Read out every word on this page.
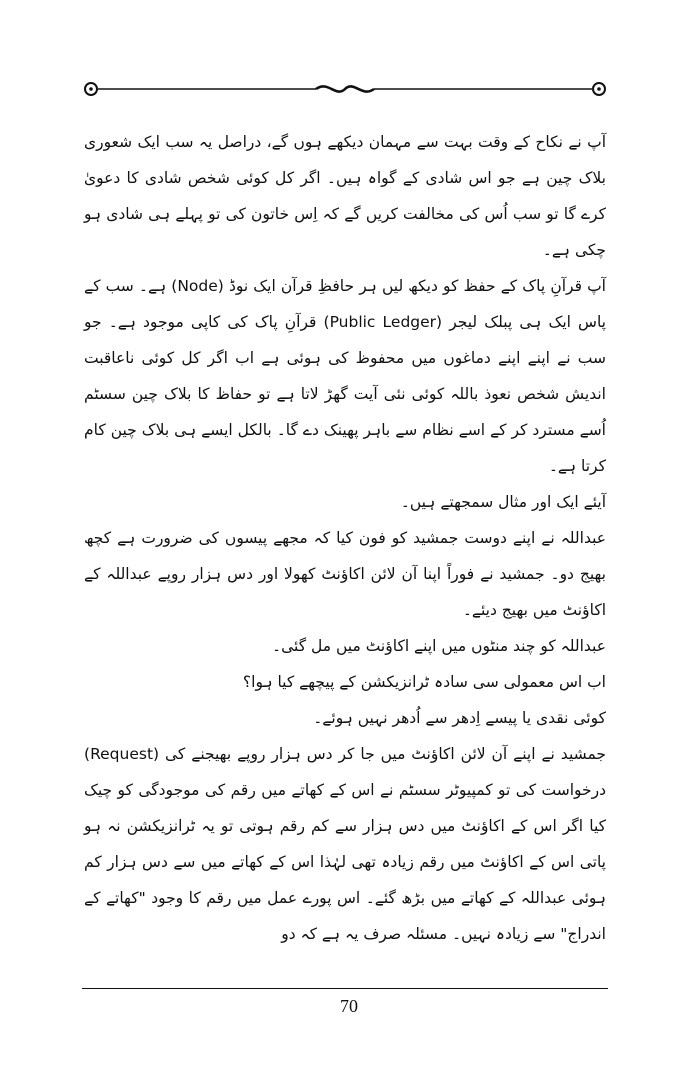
آپ نے نکاح کے وقت بہت سے مہمان دیکھے ہوں گے، دراصل یہ سب ایک شعوری بلاک چین ہے جو اس شادی کے گواہ ہیں۔ اگر کل کوئی شخص شادی کا دعویٰ کرے گا تو سب اُس کی مخالفت کریں گے کہ اِس خاتون کی تو پہلے ہی شادی ہو چکی ہے۔

آپ قرآنِ پاک کے حفظ کو دیکھ لیں ہر حافظِ قرآن ایک نوڈ (Node) ہے۔ سب کے پاس ایک ہی پبلک لیجر (Public Ledger) قرآنِ پاک کی کاپی موجود ہے۔ جو سب نے اپنے اپنے دماغوں میں محفوظ کی ہوئی ہے اب اگر کل کوئی ناعاقبت اندیش شخص نعوذ باللہ کوئی نئی آیت گھڑ لاتا ہے تو حفاظ کا بلاک چین سسٹم اُسے مسترد کر کے اسے نظام سے باہر پھینک دے گا۔ بالکل ایسے ہی بلاک چین کام کرتا ہے۔

آیئے ایک اور مثال سمجھتے ہیں۔

عبداللہ نے اپنے دوست جمشید کو فون کیا کہ مجھے پیسوں کی ضرورت ہے کچھ بھیج دو۔ جمشید نے فوراً اپنا آن لائن اکاؤنٹ کھولا اور دس ہزار روپے عبداللہ کے اکاؤنٹ میں بھیج دیئے۔

عبداللہ کو چند منٹوں میں اپنے اکاؤنٹ میں مل گئی۔

اب اس معمولی سی سادہ ٹرانزیکشن کے پیچھے کیا ہوا؟

کوئی نقدی یا پیسے اِدھر سے اُدھر نہیں ہوئے۔

جمشید نے اپنے آن لائن اکاؤنٹ میں جا کر دس ہزار روپے بھیجنے کی (Request) درخواست کی تو کمپیوٹر سسٹم نے اس کے کھاتے میں رقم کی موجودگی کو چیک کیا اگر اس کے اکاؤنٹ میں دس ہزار سے کم رقم ہوتی تو یہ ٹرانزیکشن نہ ہو پاتی اس کے اکاؤنٹ میں رقم زیادہ تھی لہٰذا اس کے کھاتے میں سے دس ہزار کم ہوئی عبداللہ کے کھاتے میں بڑھ گئے۔ اس پورے عمل میں رقم کا وجود "کھاتے کے اندراج" سے زیادہ نہیں۔ مسئلہ صرف یہ ہے کہ دو

70
